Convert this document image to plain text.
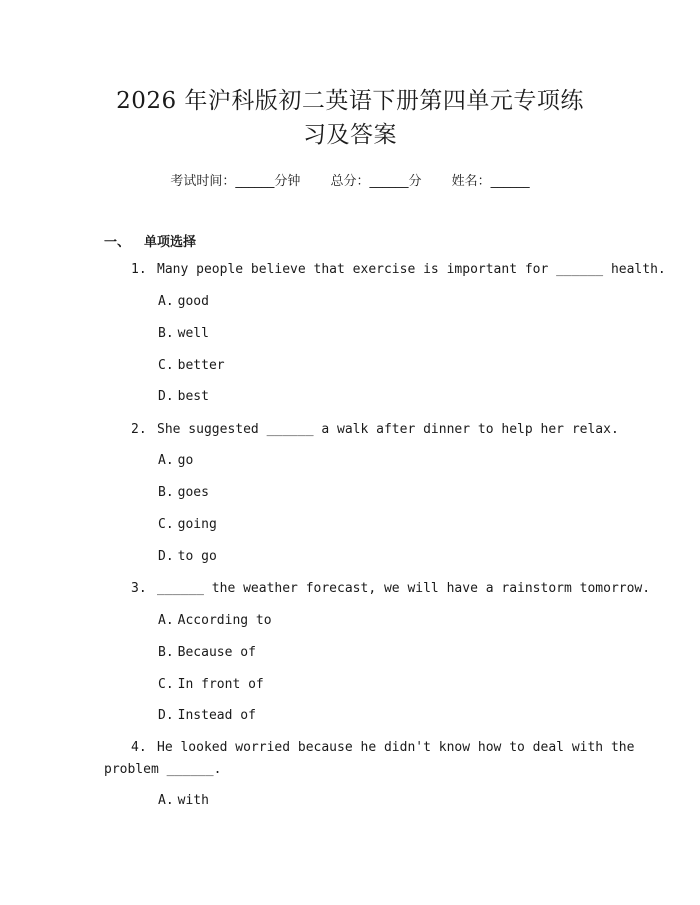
2026 年沪科版初二英语下册第四单元专项练
习及答案
考试时间：______分钟 总分：______分 姓名：______
一、 单项选择
1. Many people believe that exercise is important for ______ health.
A. good
B. well
C. better
D. best
2. She suggested ______ a walk after dinner to help her relax.
A. go
B. goes
C. going
D. to go
3. ______ the weather forecast, we will have a rainstorm tomorrow.
A. According to
B. Because of
C. In front of
D. Instead of
4. He looked worried because he didn't know how to deal with the
problem ______.
A. with
